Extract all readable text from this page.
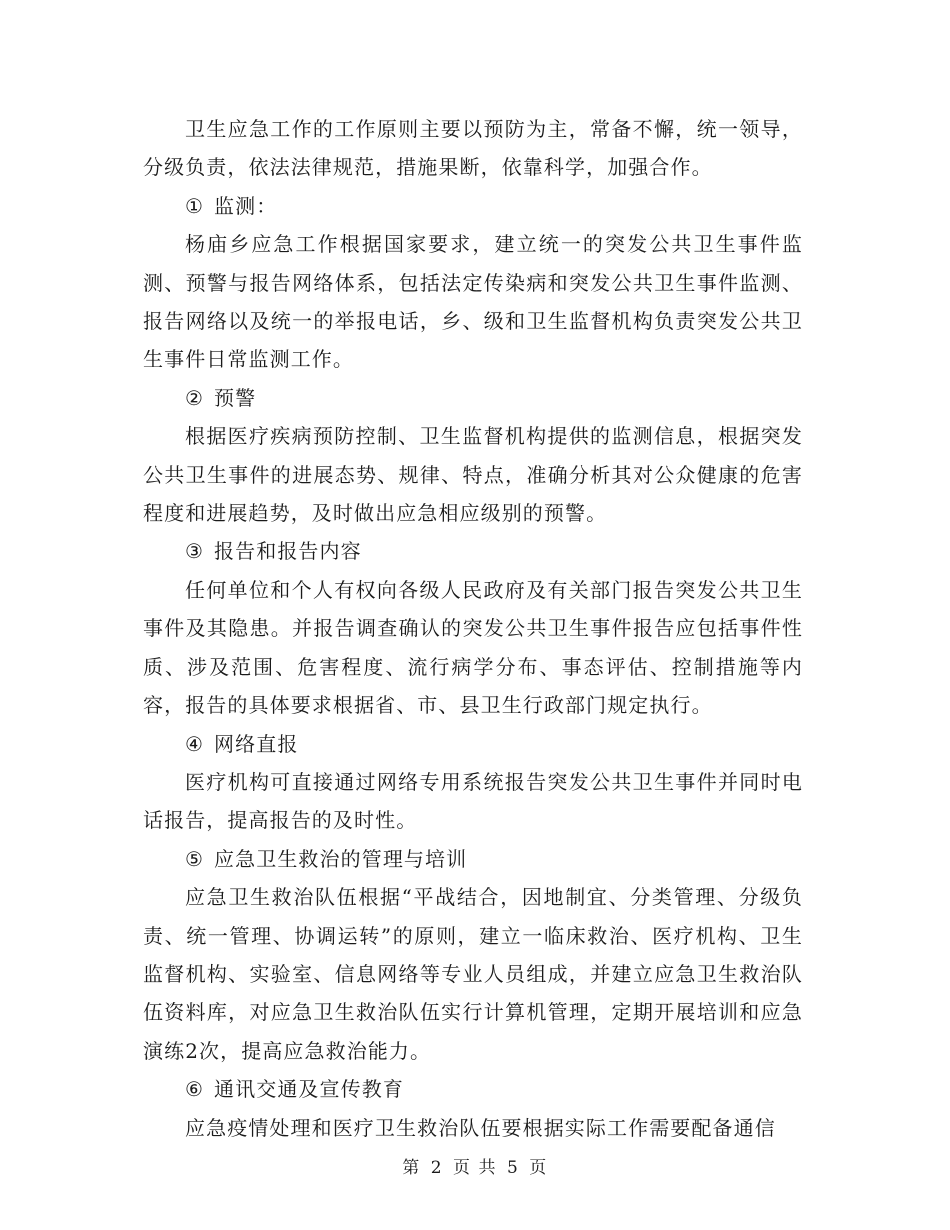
卫生应急工作的工作原则主要以预防为主，常备不懈，统一领导，分级负责，依法法律规范，措施果断，依靠科学，加强合作。

① 监测：

杨庙乡应急工作根据国家要求，建立统一的突发公共卫生事件监测、预警与报告网络体系，包括法定传染病和突发公共卫生事件监测、报告网络以及统一的举报电话，乡、级和卫生监督机构负责突发公共卫生事件日常监测工作。

② 预警

根据医疗疾病预防控制、卫生监督机构提供的监测信息，根据突发公共卫生事件的进展态势、规律、特点，准确分析其对公众健康的危害程度和进展趋势，及时做出应急相应级别的预警。

③ 报告和报告内容

任何单位和个人有权向各级人民政府及有关部门报告突发公共卫生事件及其隐患。并报告调查确认的突发公共卫生事件报告应包括事件性质、涉及范围、危害程度、流行病学分布、事态评估、控制措施等内容，报告的具体要求根据省、市、县卫生行政部门规定执行。

④ 网络直报

医疗机构可直接通过网络专用系统报告突发公共卫生事件并同时电话报告，提高报告的及时性。

⑤ 应急卫生救治的管理与培训

应急卫生救治队伍根据“平战结合，因地制宜、分类管理、分级负责、统一管理、协调运转”的原则，建立一临床救治、医疗机构、卫生监督机构、实验室、信息网络等专业人员组成，并建立应急卫生救治队伍资料库，对应急卫生救治队伍实行计算机管理，定期开展培训和应急演练2次，提高应急救治能力。

⑥ 通讯交通及宣传教育

应急疫情处理和医疗卫生救治队伍要根据实际工作需要配备通信

第 2 页 共 5 页
